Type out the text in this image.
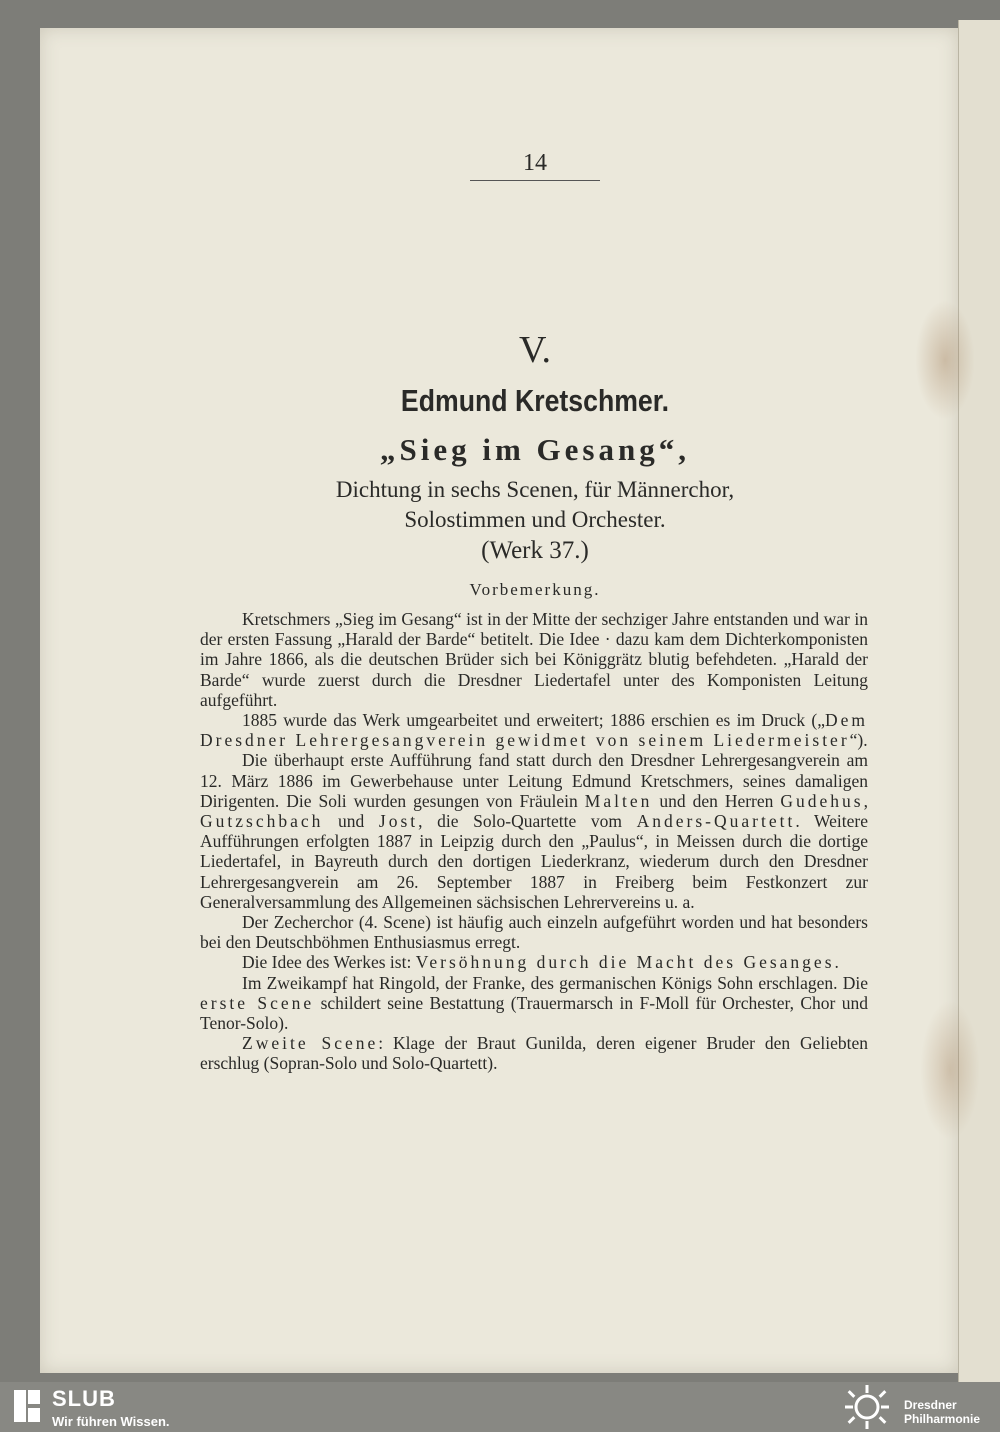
14
V.
Edmund Kretschmer.
„Sieg im Gesang“,
Dichtung in sechs Scenen, für Männerchor,
Solostimmen und Orchester.
(Werk 37.)
Vorbemerkung.

Kretschmers „Sieg im Gesang“ ist in der Mitte der sechziger Jahre entstanden und war in der ersten Fassung „Harald der Barde“ betitelt. Die Idee · dazu kam dem Dichterkomponisten im Jahre 1866, als die deutschen Brüder sich bei Königgrätz blutig befehdeten. „Harald der Barde“ wurde zuerst durch die Dresdner Liedertafel unter des Komponisten Leitung aufgeführt.

1885 wurde das Werk umgearbeitet und erweitert; 1886 erschien es im Druck („Dem Dresdner Lehrergesangverein gewidmet von seinem Liedermeister“).

Die überhaupt erste Aufführung fand statt durch den Dresdner Lehrergesangverein am 12. März 1886 im Gewerbehause unter Leitung Edmund Kretschmers, seines damaligen Dirigenten. Die Soli wurden gesungen von Fräulein Malten und den Herren Gudehus, Gutzschbach und Jost, die Solo-Quartette vom Anders-Quartett. Weitere Aufführungen erfolgten 1887 in Leipzig durch den „Paulus“, in Meissen durch die dortige Liedertafel, in Bayreuth durch den dortigen Liederkranz, wiederum durch den Dresdner Lehrergesangverein am 26. September 1887 in Freiberg beim Festkonzert zur Generalversammlung des Allgemeinen sächsischen Lehrervereins u. a.

Der Zecherchor (4. Scene) ist häufig auch einzeln aufgeführt worden und hat besonders bei den Deutschböhmen Enthusiasmus erregt.

Die Idee des Werkes ist: Versöhnung durch die Macht des Gesanges.

Im Zweikampf hat Ringold, der Franke, des germanischen Königs Sohn erschlagen. Die erste Scene schildert seine Bestattung (Trauermarsch in F-Moll für Orchester, Chor und Tenor-Solo).

Zweite Scene: Klage der Braut Gunilda, deren eigener Bruder den Geliebten erschlug (Sopran-Solo und Solo-Quartett).

SLUB
Wir führen Wissen.
Dresdner
Philharmonie
